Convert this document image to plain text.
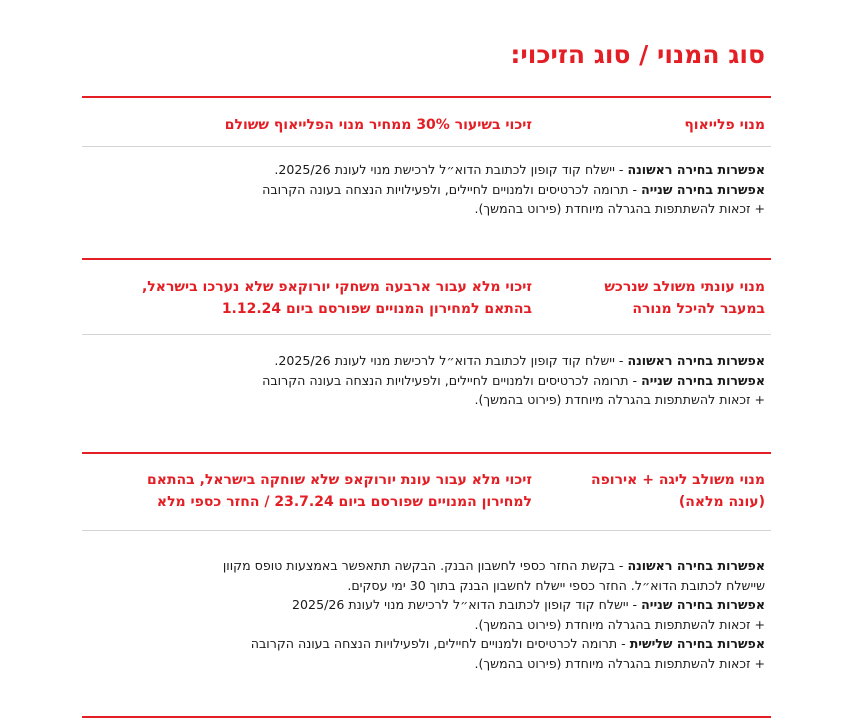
סוג המנוי / סוג הזיכוי:
מנוי פלייאוף
זיכוי בשיעור 30% ממחיר מנוי הפלייאוף ששולם
אפשרות בחירה ראשונה - יישלח קוד קופון לכתובת הדוא״ל לרכישת מנוי לעונת 2025/26.
אפשרות בחירה שנייה - תרומה לכרטיסים ולמנויים לחיילים, ולפעילויות הנצחה בעונה הקרובה
+ זכאות להשתתפות בהגרלה מיוחדת (פירוט בהמשך).
מנוי עונתי משולב שנרכש
במעבר להיכל מנורה
זיכוי מלא עבור ארבעה משחקי יורוקאפ שלא נערכו בישראל,
בהתאם למחירון המנויים שפורסם ביום 1.12.24
אפשרות בחירה ראשונה - יישלח קוד קופון לכתובת הדוא״ל לרכישת מנוי לעונת 2025/26.
אפשרות בחירה שנייה - תרומה לכרטיסים ולמנויים לחיילים, ולפעילויות הנצחה בעונה הקרובה
+ זכאות להשתתפות בהגרלה מיוחדת (פירוט בהמשך).
מנוי משולב ליגה + אירופה
(עונה מלאה)
זיכוי מלא עבור עונת יורוקאפ שלא שוחקה בישראל, בהתאם
למחירון המנויים שפורסם ביום 23.7.24 / החזר כספי מלא
אפשרות בחירה ראשונה - בקשת החזר כספי לחשבון הבנק. הבקשה תתאפשר באמצעות טופס מקוון
שיישלח לכתובת הדוא״ל. החזר כספי יישלח לחשבון הבנק בתוך 30 ימי עסקים.
אפשרות בחירה שנייה - יישלח קוד קופון לכתובת הדוא״ל לרכישת מנוי לעונת 2025/26
+ זכאות להשתתפות בהגרלה מיוחדת (פירוט בהמשך).
אפשרות בחירה שלישית - תרומה לכרטיסים ולמנויים לחיילים, ולפעילויות הנצחה בעונה הקרובה
+ זכאות להשתתפות בהגרלה מיוחדת (פירוט בהמשך).
